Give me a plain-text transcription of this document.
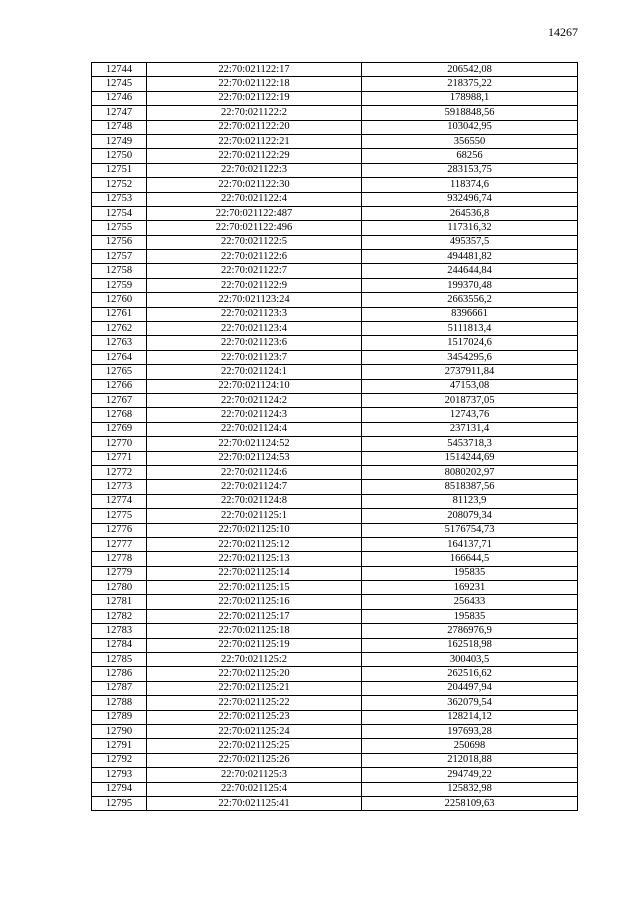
14267
12744	22:70:021122:17	206542,08
12745	22:70:021122:18	218375,22
12746	22:70:021122:19	178988,1
12747	22:70:021122:2	5918848,56
12748	22:70:021122:20	103042,95
12749	22:70:021122:21	356550
12750	22:70:021122:29	68256
12751	22:70:021122:3	283153,75
12752	22:70:021122:30	118374,6
12753	22:70:021122:4	932496,74
12754	22:70:021122:487	264536,8
12755	22:70:021122:496	117316,32
12756	22:70:021122:5	495357,5
12757	22:70:021122:6	494481,82
12758	22:70:021122:7	244644,84
12759	22:70:021122:9	199370,48
12760	22:70:021123:24	2663556,2
12761	22:70:021123:3	8396661
12762	22:70:021123:4	5111813,4
12763	22:70:021123:6	1517024,6
12764	22:70:021123:7	3454295,6
12765	22:70:021124:1	2737911,84
12766	22:70:021124:10	47153,08
12767	22:70:021124:2	2018737,05
12768	22:70:021124:3	12743,76
12769	22:70:021124:4	237131,4
12770	22:70:021124:52	5453718,3
12771	22:70:021124:53	1514244,69
12772	22:70:021124:6	8080202,97
12773	22:70:021124:7	8518387,56
12774	22:70:021124:8	81123,9
12775	22:70:021125:1	208079,34
12776	22:70:021125:10	5176754,73
12777	22:70:021125:12	164137,71
12778	22:70:021125:13	166644,5
12779	22:70:021125:14	195835
12780	22:70:021125:15	169231
12781	22:70:021125:16	256433
12782	22:70:021125:17	195835
12783	22:70:021125:18	2786976,9
12784	22:70:021125:19	162518,98
12785	22:70:021125:2	300403,5
12786	22:70:021125:20	262516,62
12787	22:70:021125:21	204497,94
12788	22:70:021125:22	362079,54
12789	22:70:021125:23	128214,12
12790	22:70:021125:24	197693,28
12791	22:70:021125:25	250698
12792	22:70:021125:26	212018,88
12793	22:70:021125:3	294749,22
12794	22:70:021125:4	125832,98
12795	22:70:021125:41	2258109,63
